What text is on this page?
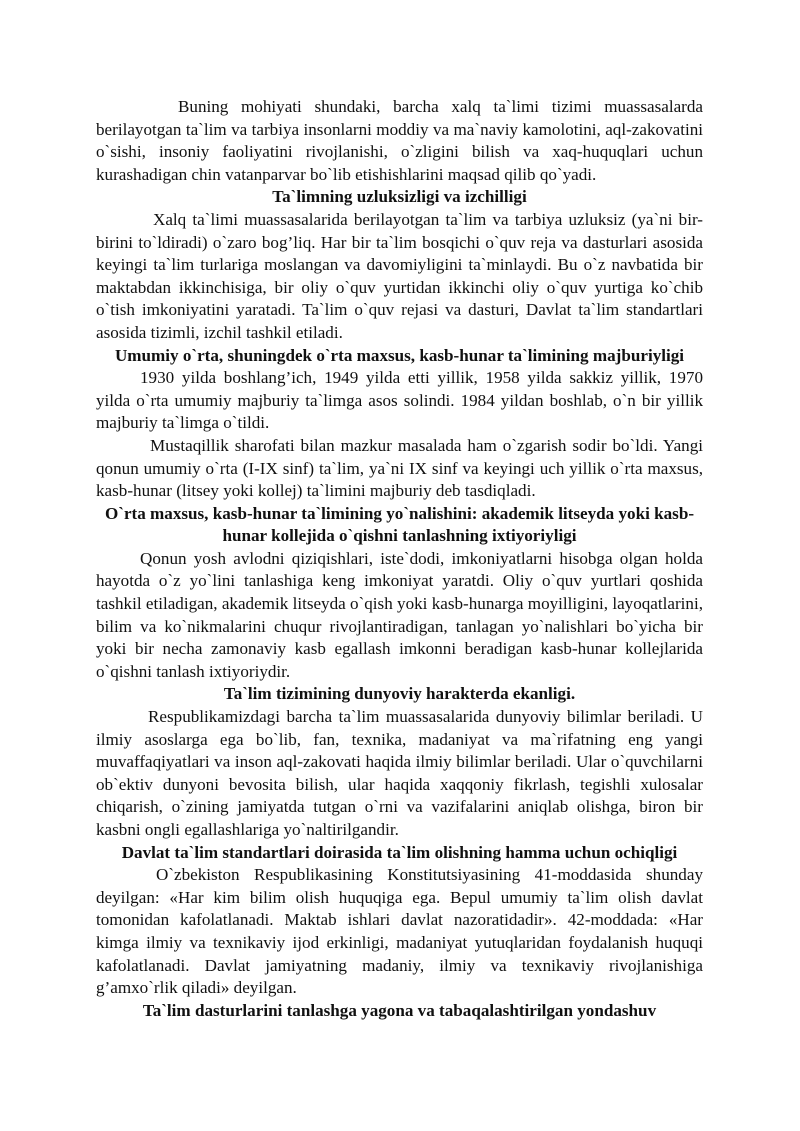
Buning mohiyati shundaki, barcha xalq ta`limi tizimi muassasalarda berilayotgan ta`lim va tarbiya insonlarni moddiy va ma`naviy kamolotini, aql-zakovatini o`sishi, insoniy faoliyatini rivojlanishi, o`zligini bilish va xaq-huquqlari uchun kurashadigan chin vatanparvar bo`lib etishishlarini maqsad qilib qo`yadi.

Ta`limning uzluksizligi va izchilligi

Xalq ta`limi muassasalarida berilayotgan ta`lim va tarbiya uzluksiz (ya`ni bir-birini to`ldiradi) o`zaro bog’liq. Har bir ta`lim bosqichi o`quv reja va dasturlari asosida keyingi ta`lim turlariga moslangan va davomiyligini ta`minlaydi. Bu o`z navbatida bir maktabdan ikkinchisiga, bir oliy o`quv yurtidan ikkinchi oliy o`quv yurtiga ko`chib o`tish imkoniyatini yaratadi. Ta`lim o`quv rejasi va dasturi, Davlat ta`lim standartlari asosida tizimli, izchil tashkil etiladi.

Umumiy o`rta, shuningdek o`rta maxsus, kasb-hunar ta`limining majburiyligi

1930 yilda boshlang’ich, 1949 yilda etti yillik, 1958 yilda sakkiz yillik, 1970 yilda o`rta umumiy majburiy ta`limga asos solindi. 1984 yildan boshlab, o`n bir yillik majburiy ta`limga o`tildi.

Mustaqillik sharofati bilan mazkur masalada ham o`zgarish sodir bo`ldi. Yangi qonun umumiy o`rta (I-IX sinf) ta`lim, ya`ni IX sinf va keyingi uch yillik o`rta maxsus, kasb-hunar (litsey yoki kollej) ta`limini majburiy deb tasdiqladi.

O`rta maxsus, kasb-hunar ta`limining yo`nalishini: akademik litseyda yoki kasb-hunar kollejida o`qishni tanlashning ixtiyoriyligi

Qonun yosh avlodni qiziqishlari, iste`dodi, imkoniyatlarni hisobga olgan holda hayotda o`z yo`lini tanlashiga keng imkoniyat yaratdi. Oliy o`quv yurtlari qoshida tashkil etiladigan, akademik litseyda o`qish yoki kasb-hunarga moyilligini, layoqatlarini, bilim va ko`nikmalarini chuqur rivojlantiradigan, tanlagan yo`nalishlari bo`yicha bir yoki bir necha zamonaviy kasb egallash imkonni beradigan kasb-hunar kollejlarida o`qishni tanlash ixtiyoriydir.

Ta`lim tizimining dunyoviy harakterda ekanligi.

Respublikamizdagi barcha ta`lim muassasalarida dunyoviy bilimlar beriladi. U ilmiy asoslarga ega bo`lib, fan, texnika, madaniyat va ma`rifatning eng yangi muvaffaqiyatlari va inson aql-zakovati haqida ilmiy bilimlar beriladi. Ular o`quvchilarni ob`ektiv dunyoni bevosita bilish, ular haqida xaqqoniy fikrlash, tegishli xulosalar chiqarish, o`zining jamiyatda tutgan o`rni va vazifalarini aniqlab olishga, biron bir kasbni ongli egallashlariga yo`naltirilgandir.

Davlat ta`lim standartlari doirasida ta`lim olishning hamma uchun ochiqligi

O`zbekiston Respublikasining Konstitutsiyasining 41-moddasida shunday deyilgan: «Har kim bilim olish huquqiga ega. Bepul umumiy ta`lim olish davlat tomonidan kafolatlanadi. Maktab ishlari davlat nazoratidadir». 42-moddada: «Har kimga ilmiy va texnikaviy ijod erkinligi, madaniyat yutuqlaridan foydalanish huquqi kafolatlanadi. Davlat jamiyatning madaniy, ilmiy va texnikaviy rivojlanishiga g’amxo`rlik qiladi» deyilgan.

Ta`lim dasturlarini tanlashga yagona va tabaqalashtirilgan yondashuv
